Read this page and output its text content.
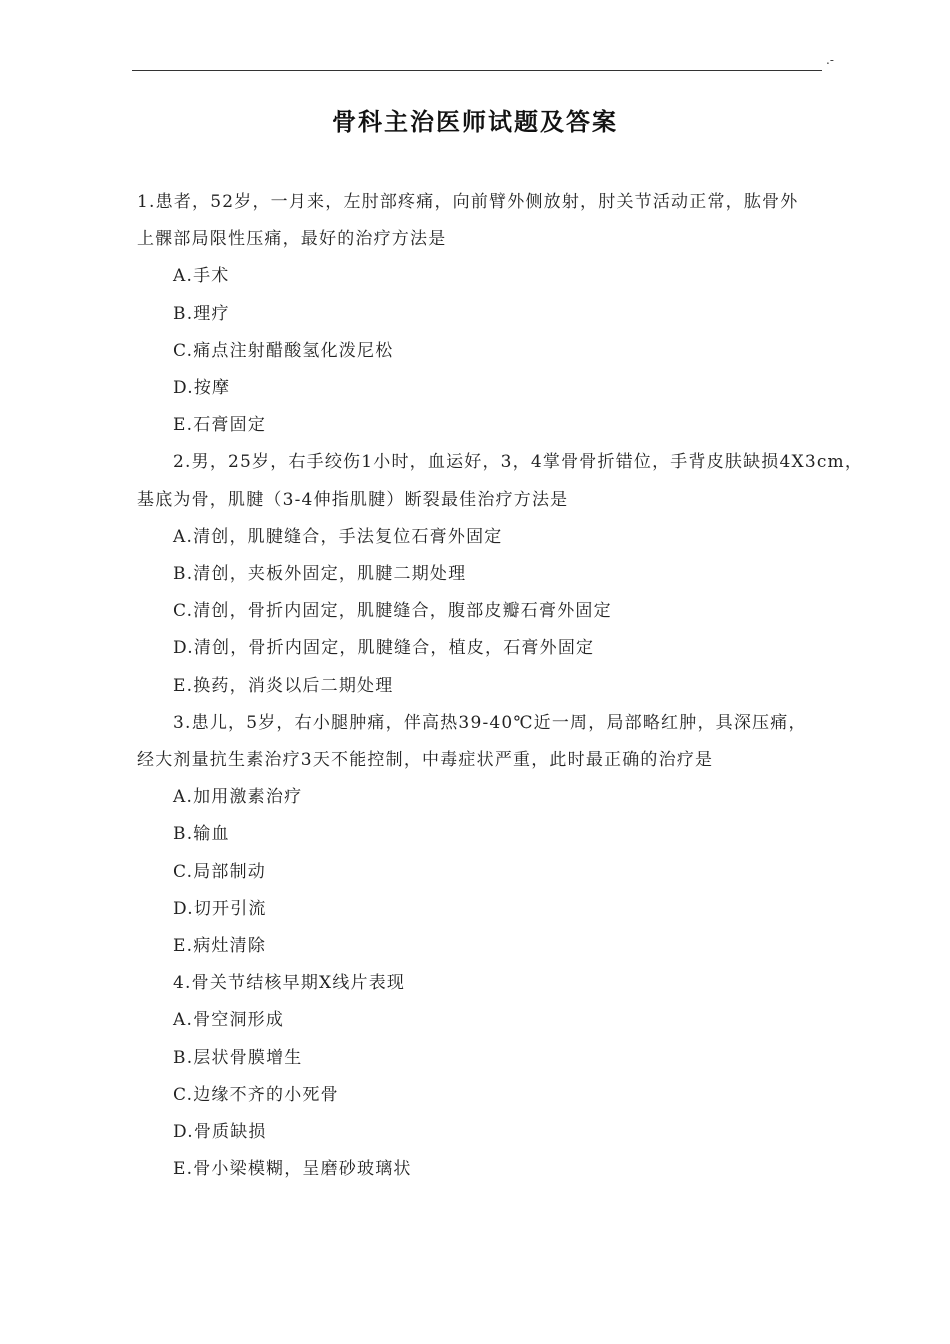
.-
骨科主治医师试题及答案

1.患者，52岁，一月来，左肘部疼痛，向前臂外侧放射，肘关节活动正常，肱骨外

上髁部局限性压痛，最好的治疗方法是

A.手术

B.理疗

C.痛点注射醋酸氢化泼尼松

D.按摩

E.石膏固定

2.男，25岁，右手绞伤1小时，血运好，3，4掌骨骨折错位，手背皮肤缺损4X3cm，

基底为骨，肌腱（3-4伸指肌腱）断裂最佳治疗方法是

A.清创，肌腱缝合，手法复位石膏外固定

B.清创，夹板外固定，肌腱二期处理

C.清创，骨折内固定，肌腱缝合，腹部皮瓣石膏外固定

D.清创，骨折内固定，肌腱缝合，植皮，石膏外固定

E.换药，消炎以后二期处理

3.患儿，5岁，右小腿肿痛，伴高热39-40℃近一周，局部略红肿，具深压痛，

经大剂量抗生素治疗3天不能控制，中毒症状严重，此时最正确的治疗是

A.加用激素治疗

B.输血

C.局部制动

D.切开引流

E.病灶清除

4.骨关节结核早期X线片表现

A.骨空洞形成

B.层状骨膜增生

C.边缘不齐的小死骨

D.骨质缺损

E.骨小梁模糊，呈磨砂玻璃状
